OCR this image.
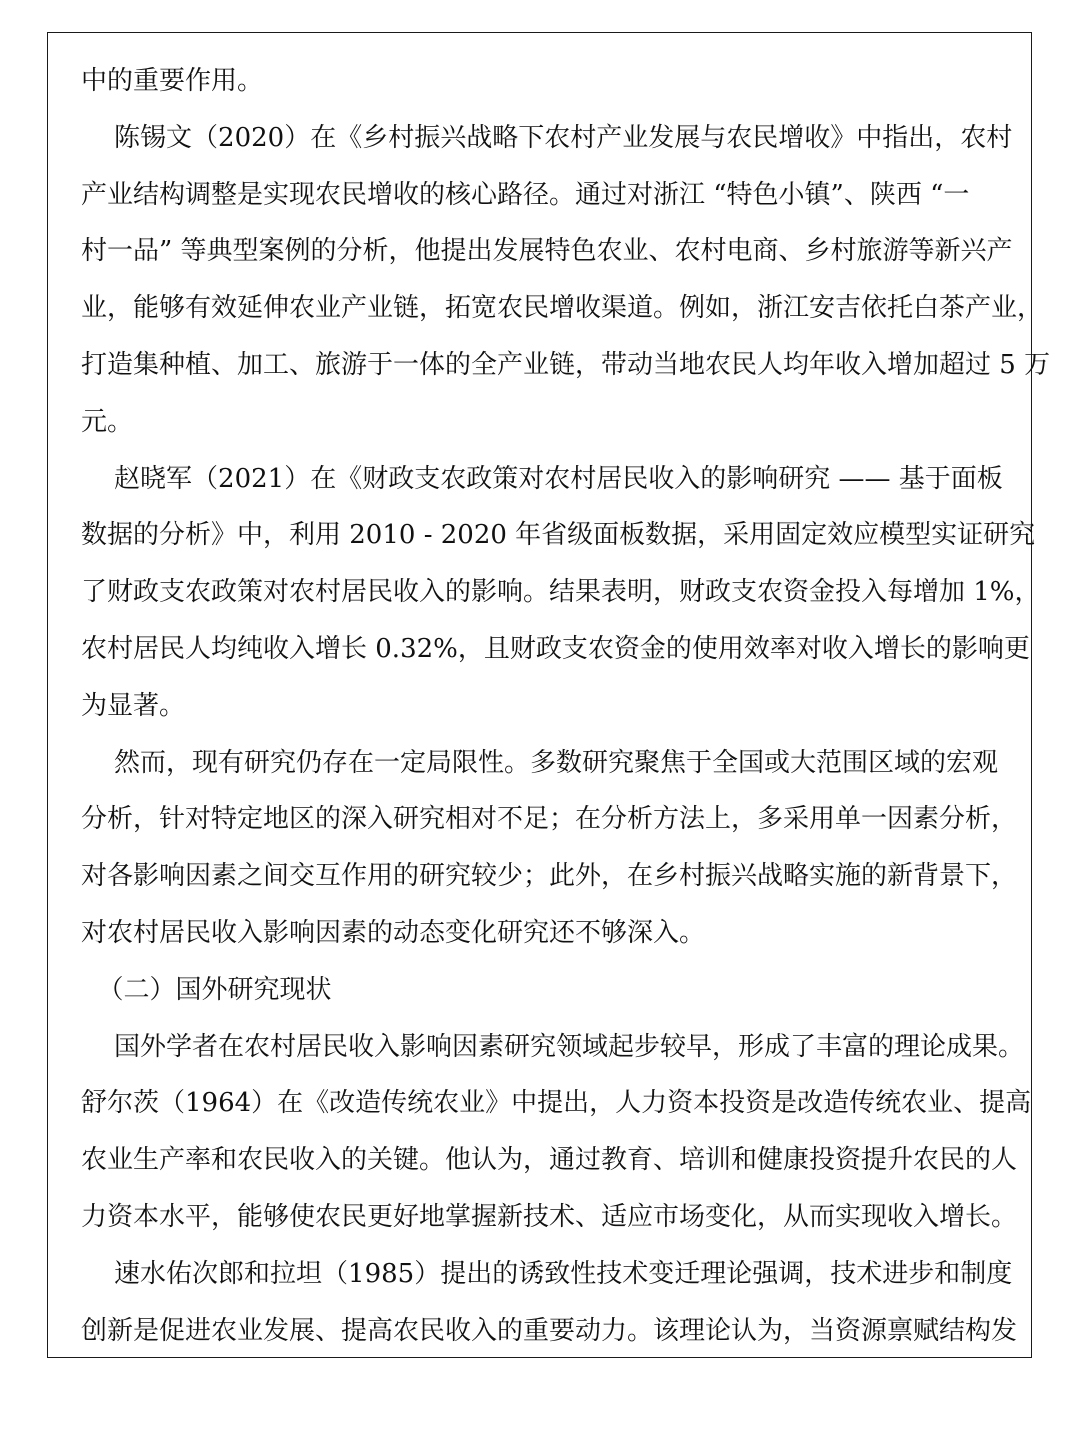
中的重要作用。
陈锡文（2020）在《乡村振兴战略下农村产业发展与农民增收》中指出，农村
产业结构调整是实现农民增收的核心路径。通过对浙江 “特色小镇”、陕西 “一
村一品” 等典型案例的分析，他提出发展特色农业、农村电商、乡村旅游等新兴产
业，能够有效延伸农业产业链，拓宽农民增收渠道。例如，浙江安吉依托白茶产业，
打造集种植、加工、旅游于一体的全产业链，带动当地农民人均年收入增加超过 5 万
元。
赵晓军（2021）在《财政支农政策对农村居民收入的影响研究 —— 基于面板
数据的分析》中，利用 2010 - 2020 年省级面板数据，采用固定效应模型实证研究
了财政支农政策对农村居民收入的影响。结果表明，财政支农资金投入每增加 1%，
农村居民人均纯收入增长 0.32%，且财政支农资金的使用效率对收入增长的影响更
为显著。
然而，现有研究仍存在一定局限性。多数研究聚焦于全国或大范围区域的宏观
分析，针对特定地区的深入研究相对不足；在分析方法上，多采用单一因素分析，
对各影响因素之间交互作用的研究较少；此外，在乡村振兴战略实施的新背景下，
对农村居民收入影响因素的动态变化研究还不够深入。
（二）国外研究现状
国外学者在农村居民收入影响因素研究领域起步较早，形成了丰富的理论成果。
舒尔茨（1964）在《改造传统农业》中提出，人力资本投资是改造传统农业、提高
农业生产率和农民收入的关键。他认为，通过教育、培训和健康投资提升农民的人
力资本水平，能够使农民更好地掌握新技术、适应市场变化，从而实现收入增长。
速水佑次郎和拉坦（1985）提出的诱致性技术变迁理论强调，技术进步和制度
创新是促进农业发展、提高农民收入的重要动力。该理论认为，当资源禀赋结构发
